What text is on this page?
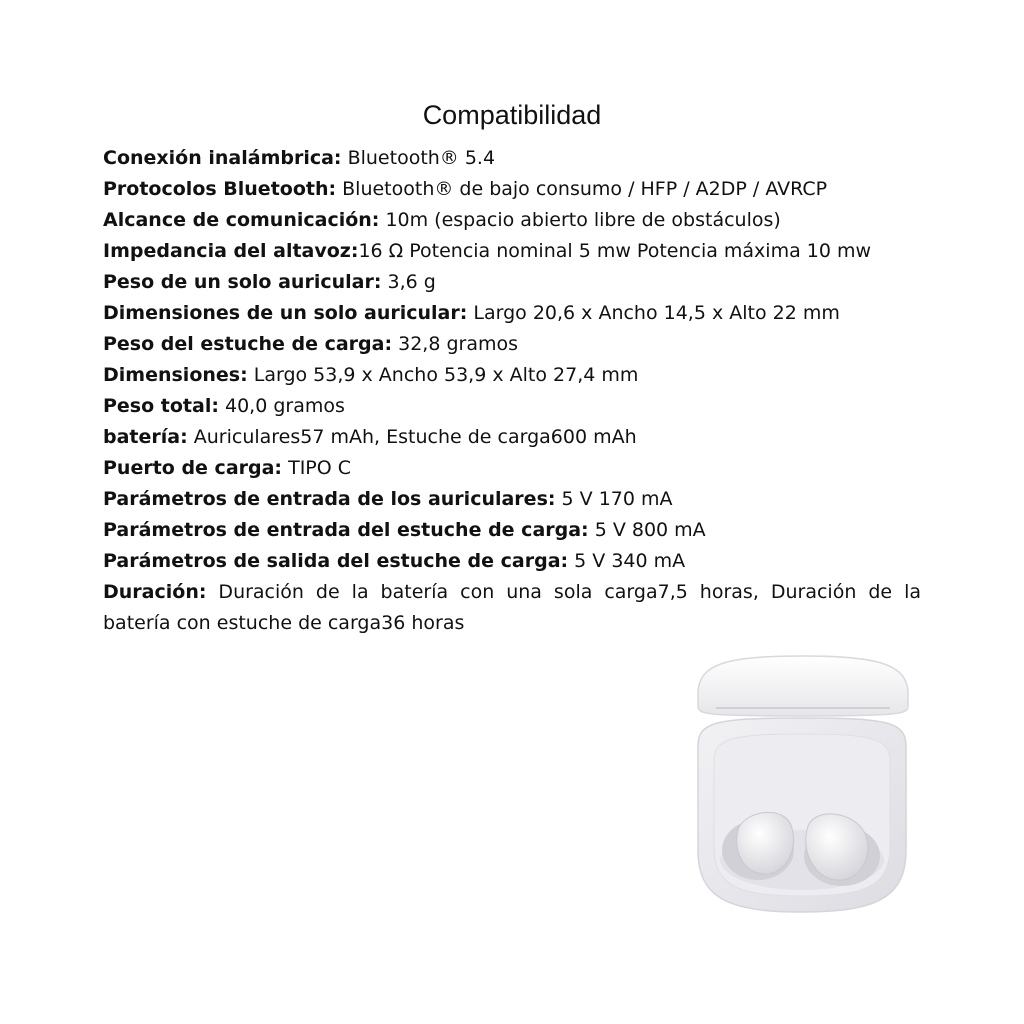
Compatibilidad
Conexión inalámbrica: Bluetooth® 5.4
Protocolos Bluetooth: Bluetooth® de bajo consumo / HFP / A2DP / AVRCP
Alcance de comunicación: 10m (espacio abierto libre de obstáculos)
Impedancia del altavoz:16 Ω Potencia nominal 5 mw Potencia máxima 10 mw
Peso de un solo auricular: 3,6 g
Dimensiones de un solo auricular: Largo 20,6 x Ancho 14,5 x Alto 22 mm
Peso del estuche de carga: 32,8 gramos
Dimensiones: Largo 53,9 x Ancho 53,9 x Alto 27,4 mm
Peso total: 40,0 gramos
batería: Auriculares57 mAh, Estuche de carga600 mAh
Puerto de carga: TIPO C
Parámetros de entrada de los auriculares: 5 V 170 mA
Parámetros de entrada del estuche de carga: 5 V 800 mA
Parámetros de salida del estuche de carga: 5 V 340 mA
Duración: Duración de la batería con una sola carga7,5 horas, Duración de la batería con estuche de carga36 horas
